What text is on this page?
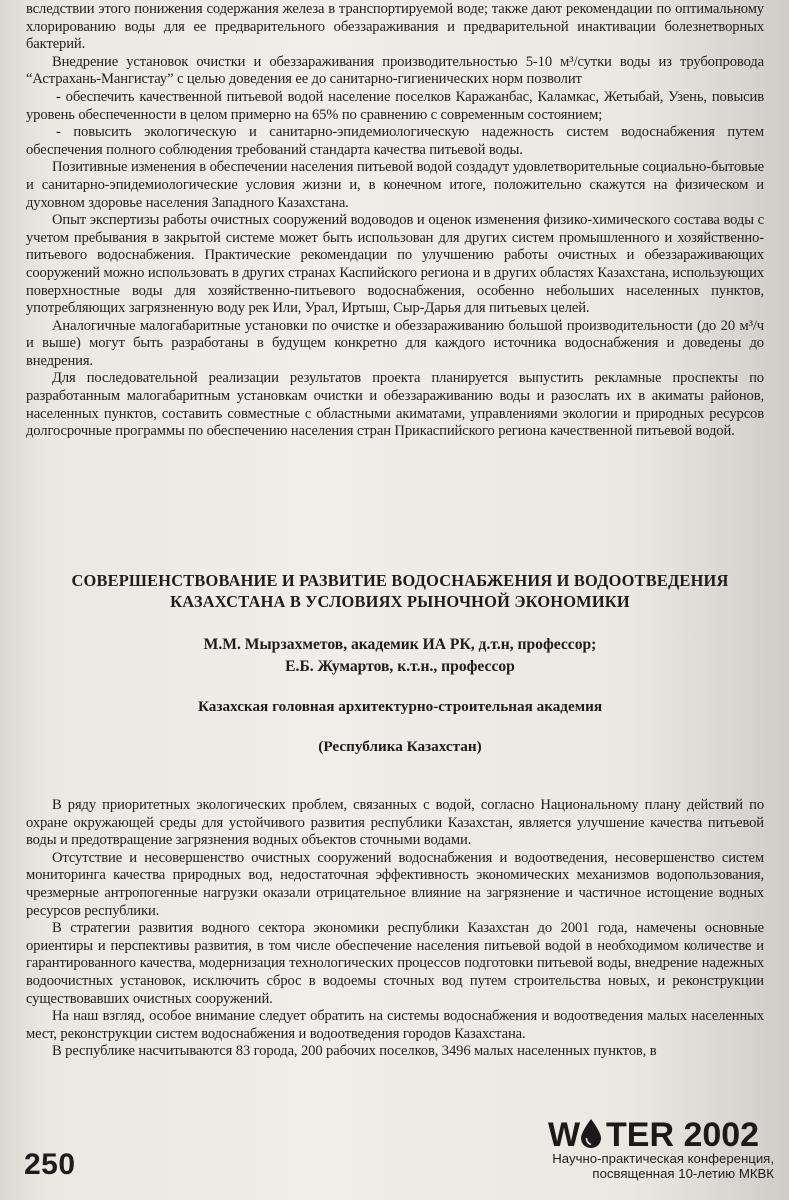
вследствии этого понижения содержания железа в транспортируемой воде; также дают рекомендации по оптимальному хлорированию воды для ее предварительного обеззараживания и предварительной инактивации болезнетворных бактерий.

Внедрение установок очистки и обеззараживания производительностью 5-10 м³/сутки воды из трубопровода “Астрахань-Мангистау” с целью доведения ее до санитарно-гигиенических норм позволит

- обеспечить качественной питьевой водой население поселков Каражанбас, Каламкас, Жетыбай, Узень, повысив уровень обеспеченности в целом примерно на 65% по сравнению с современным состоянием;

- повысить экологическую и санитарно-эпидемиологическую надежность систем водоснабжения путем обеспечения полного соблюдения требований стандарта качества питьевой воды.

Позитивные изменения в обеспечении населения питьевой водой создадут удовлетворительные социально-бытовые и санитарно-эпидемиологические условия жизни и, в конечном итоге, положительно скажутся на физическом и духовном здоровье населения Западного Казахстана.

Опыт экспертизы работы очистных сооружений водоводов и оценок изменения физико-химического состава воды с учетом пребывания в закрытой системе может быть использован для других систем промышленного и хозяйственно-питьевого водоснабжения. Практические рекомендации по улучшению работы очистных и обеззараживающих сооружений можно использовать в других странах Каспийского региона и в других областях Казахстана, использующих поверхностные воды для хозяйственно-питьевого водоснабжения, особенно небольших населенных пунктов, употребляющих загрязненную воду рек Или, Урал, Иртыш, Сыр-Дарья для питьевых целей.

Аналогичные малогабаритные установки по очистке и обеззараживанию большой производительности (до 20 м³/ч и выше) могут быть разработаны в будущем конкретно для каждого источника водоснабжения и доведены до внедрения.

Для последовательной реализации результатов проекта планируется выпустить рекламные проспекты по разработанным малогабаритным установкам очистки и обеззараживанию воды и разослать их в акиматы районов, населенных пунктов, составить совместные с областными акиматами, управлениями экологии и природных ресурсов долгосрочные программы по обеспечению населения стран Прикаспийского региона качественной питьевой водой.

СОВЕРШЕНСТВОВАНИЕ И РАЗВИТИЕ ВОДОСНАБЖЕНИЯ И ВОДООТВЕДЕНИЯ
КАЗАХСТАНА В УСЛОВИЯХ РЫНОЧНОЙ ЭКОНОМИКИ
М.М. Мырзахметов, академик ИА РК, д.т.н, профессор;
Е.Б. Жумартов, к.т.н., профессор
Казахская головная архитектурно-строительная академия
(Республика Казахстан)

В ряду приоритетных экологических проблем, связанных с водой, согласно Национальному плану действий по охране окружающей среды для устойчивого развития республики Казахстан, является улучшение качества питьевой воды и предотвращение загрязнения водных объектов сточными водами.

Отсутствие и несовершенство очистных сооружений водоснабжения и водоотведения, несовершенство систем мониторинга качества природных вод, недостаточная эффективность экономических механизмов водопользования, чрезмерные антропогенные нагрузки оказали отрицательное влияние на загрязнение и частичное истощение водных ресурсов республики.

В стратегии развития водного сектора экономики республики Казахстан до 2001 года, намечены основные ориентиры и перспективы развития, в том числе обеспечение населения питьевой водой в необходимом количестве и гарантированного качества, модернизация технологических процессов подготовки питьевой воды, внедрение надежных водоочистных установок, исключить сброс в водоемы сточных вод путем строительства новых, и реконструкции существовавших очистных сооружений.

На наш взгляд, особое внимание следует обратить на системы водоснабжения и водоотведения малых населенных мест, реконструкции систем водоснабжения и водоотведения городов Казахстана.

В республике насчитываются 83 города, 200 рабочих поселков, 3496 малых населенных пунктов, в

250
W TER 2002
Научно-практическая конференция,
посвященная 10-летию МКВК
